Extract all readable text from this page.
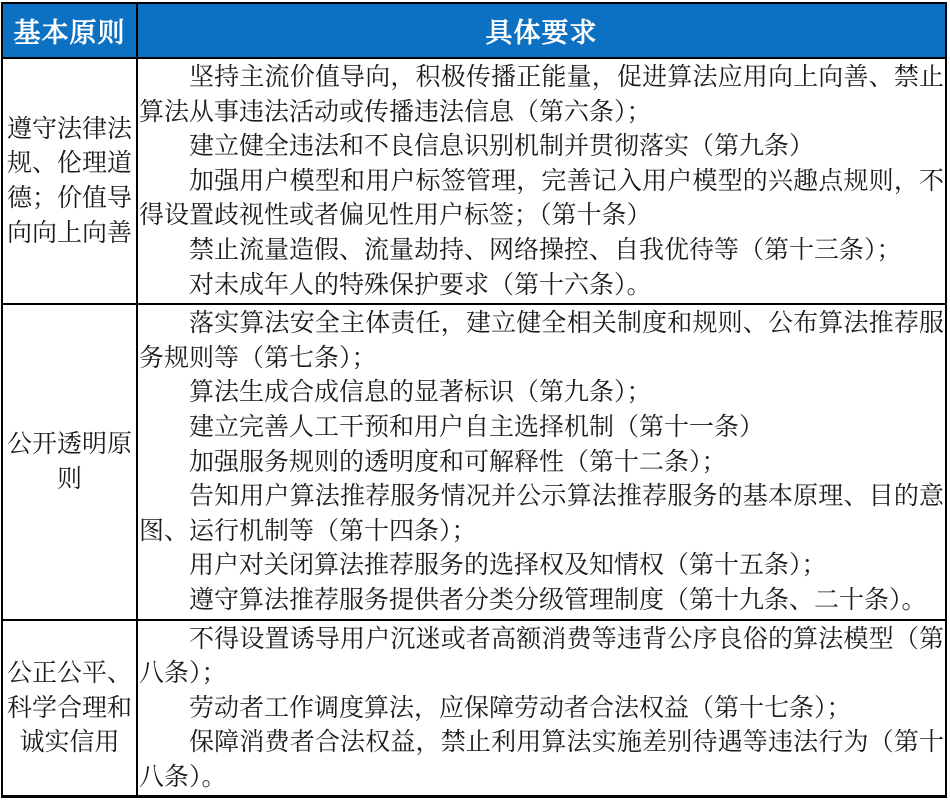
基本原则	具体要求
遵守法律法规、伦理道德；价值导向向上向善

坚持主流价值导向，积极传播正能量，促进算法应用向上向善、禁止算法从事违法活动或传播违法信息（第六条）；

建立健全违法和不良信息识别机制并贯彻落实（第九条）

加强用户模型和用户标签管理，完善记入用户模型的兴趣点规则，不得设置歧视性或者偏见性用户标签；（第十条）

禁止流量造假、流量劫持、网络操控、自我优待等（第十三条）；

对未成年人的特殊保护要求（第十六条）。

公开透明原则

落实算法安全主体责任，建立健全相关制度和规则、公布算法推荐服务规则等（第七条）；

算法生成合成信息的显著标识（第九条）；

建立完善人工干预和用户自主选择机制（第十一条）

加强服务规则的透明度和可解释性（第十二条）；

告知用户算法推荐服务情况并公示算法推荐服务的基本原理、目的意图、运行机制等（第十四条）；

用户对关闭算法推荐服务的选择权及知情权（第十五条）；

遵守算法推荐服务提供者分类分级管理制度（第十九条、二十条）。

公正公平、科学合理和诚实信用

不得设置诱导用户沉迷或者高额消费等违背公序良俗的算法模型（第八条）；

劳动者工作调度算法，应保障劳动者合法权益（第十七条）；

保障消费者合法权益，禁止利用算法实施差别待遇等违法行为（第十八条）。
